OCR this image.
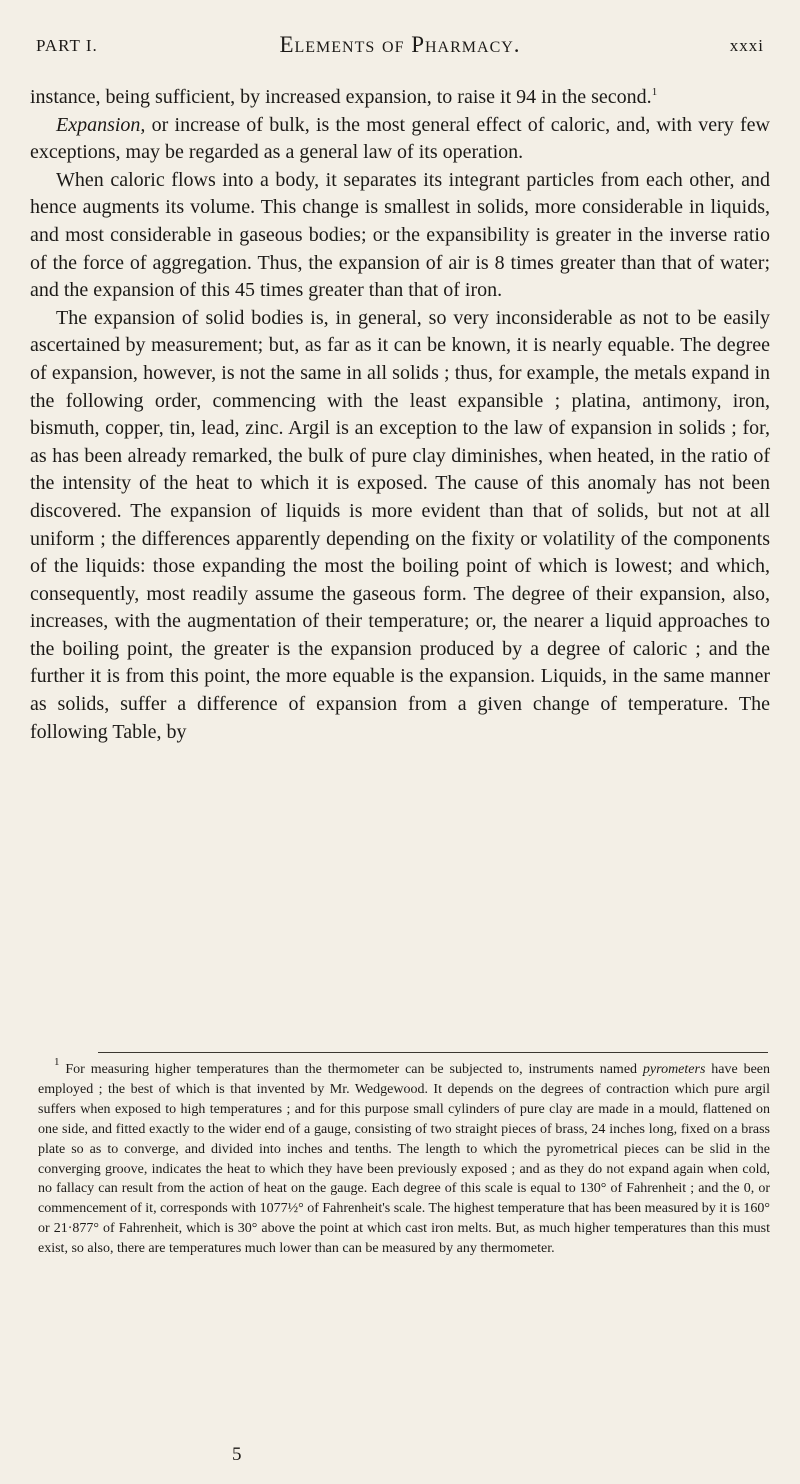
PART I.	Elements of Pharmacy.	xxxi

instance, being sufficient, by increased expansion, to raise it 94 in the second.$^1$

Expansion, or increase of bulk, is the most general effect of caloric, and, with very few exceptions, may be regarded as a general law of its operation.

When caloric flows into a body, it separates its integrant particles from each other, and hence augments its volume. This change is smallest in solids, more considerable in liquids, and most considerable in gaseous bodies; or the expansibility is greater in the inverse ratio of the force of aggregation. Thus, the expansion of air is 8 times greater than that of water; and the expansion of this 45 times greater than that of iron.

The expansion of solid bodies is, in general, so very inconsiderable as not to be easily ascertained by measurement; but, as far as it can be known, it is nearly equable. The degree of expansion, however, is not the same in all solids ; thus, for example, the metals expand in the following order, commencing with the least expansible ; platina, antimony, iron, bismuth, copper, tin, lead, zinc. Argil is an exception to the law of expansion in solids ; for, as has been already remarked, the bulk of pure clay diminishes, when heated, in the ratio of the intensity of the heat to which it is exposed. The cause of this anomaly has not been discovered. The expansion of liquids is more evident than that of solids, but not at all uniform ; the differences apparently depending on the fixity or volatility of the components of the liquids: those expanding the most the boiling point of which is lowest; and which, consequently, most readily assume the gaseous form. The degree of their expansion, also, increases, with the augmentation of their temperature; or, the nearer a liquid approaches to the boiling point, the greater is the expansion produced by a degree of caloric ; and the further it is from this point, the more equable is the expansion. Liquids, in the same manner as solids, suffer a difference of expansion from a given change of temperature. The following Table, by

$^1$ For measuring higher temperatures than the thermometer can be subjected to, instruments named pyrometers have been employed ; the best of which is that invented by Mr. Wedgewood. It depends on the degrees of contraction which pure argil suffers when exposed to high temperatures ; and for this purpose small cylinders of pure clay are made in a mould, flattened on one side, and fitted exactly to the wider end of a gauge, consisting of two straight pieces of brass, 24 inches long, fixed on a brass plate so as to converge, and divided into inches and tenths. The length to which the pyrometrical pieces can be slid in the converging groove, indicates the heat to which they have been previously exposed ; and as they do not expand again when cold, no fallacy can result from the action of heat on the gauge. Each degree of this scale is equal to 130° of Fahrenheit ; and the 0, or commencement of it, corresponds with 1077½° of Fahrenheit's scale. The highest temperature that has been measured by it is 160° or 21·877° of Fahrenheit, which is 30° above the point at which cast iron melts. But, as much higher temperatures than this must exist, so also, there are temperatures much lower than can be measured by any thermometer.

5
